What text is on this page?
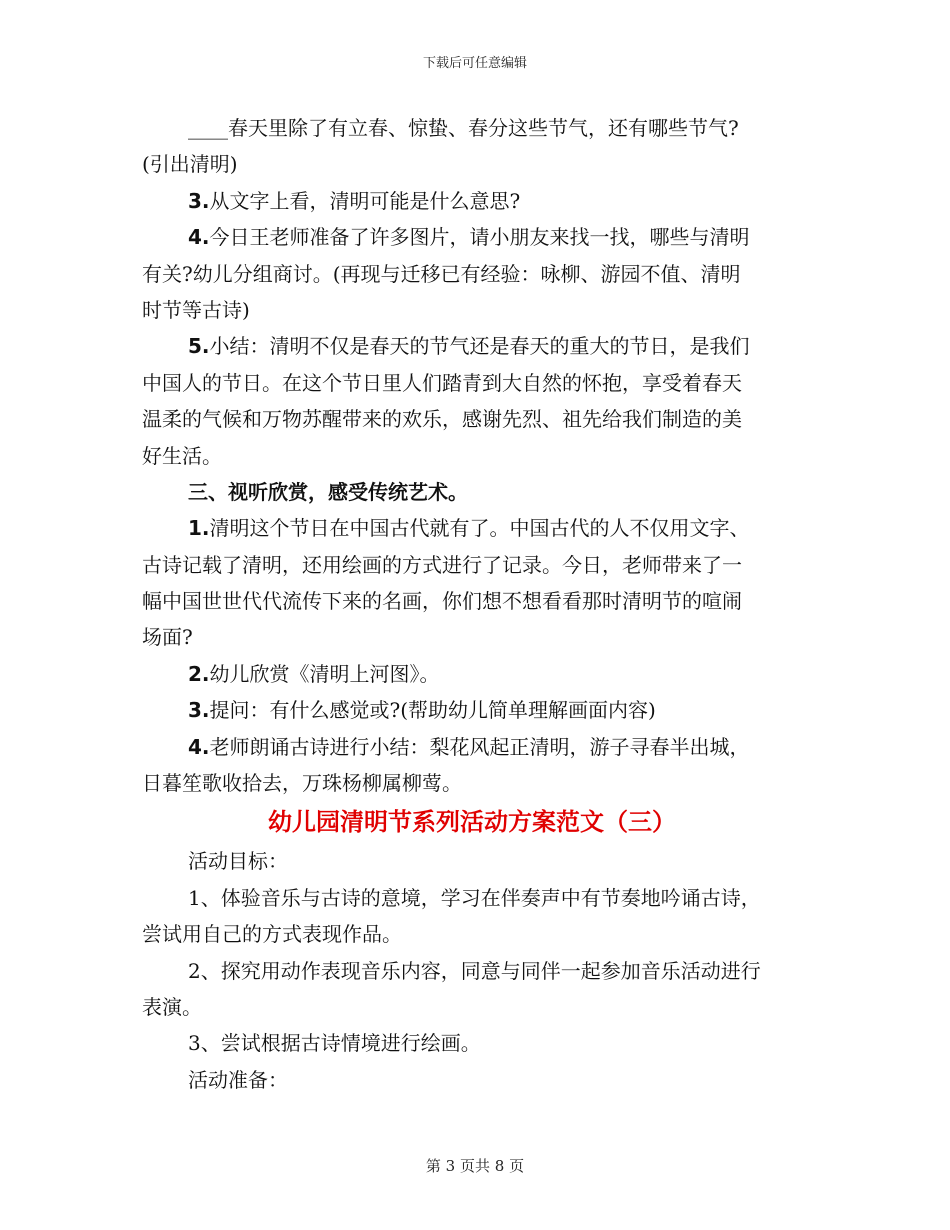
下载后可任意编辑
____春天里除了有立春、惊蛰、春分这些节气，还有哪些节气?
(引出清明)
3.从文字上看，清明可能是什么意思?
4.今日王老师准备了许多图片，请小朋友来找一找，哪些与清明
有关?幼儿分组商讨。(再现与迁移已有经验：咏柳、游园不值、清明
时节等古诗)
5.小结：清明不仅是春天的节气还是春天的重大的节日，是我们
中国人的节日。在这个节日里人们踏青到大自然的怀抱，享受着春天
温柔的气候和万物苏醒带来的欢乐，感谢先烈、祖先给我们制造的美
好生活。
三、视听欣赏，感受传统艺术。
1.清明这个节日在中国古代就有了。中国古代的人不仅用文字、
古诗记载了清明，还用绘画的方式进行了记录。今日，老师带来了一
幅中国世世代代流传下来的名画，你们想不想看看那时清明节的喧闹
场面?
2.幼儿欣赏《清明上河图》。
3.提问：有什么感觉或?(帮助幼儿简单理解画面内容)
4.老师朗诵古诗进行小结：梨花风起正清明，游子寻春半出城，
日暮笙歌收拾去，万珠杨柳属柳莺。
幼儿园清明节系列活动方案范文（三）
活动目标：
1、体验音乐与古诗的意境，学习在伴奏声中有节奏地吟诵古诗，
尝试用自己的方式表现作品。
2、探究用动作表现音乐内容，同意与同伴一起参加音乐活动进行
表演。
3、尝试根据古诗情境进行绘画。
活动准备：
第 3 页共 8 页
